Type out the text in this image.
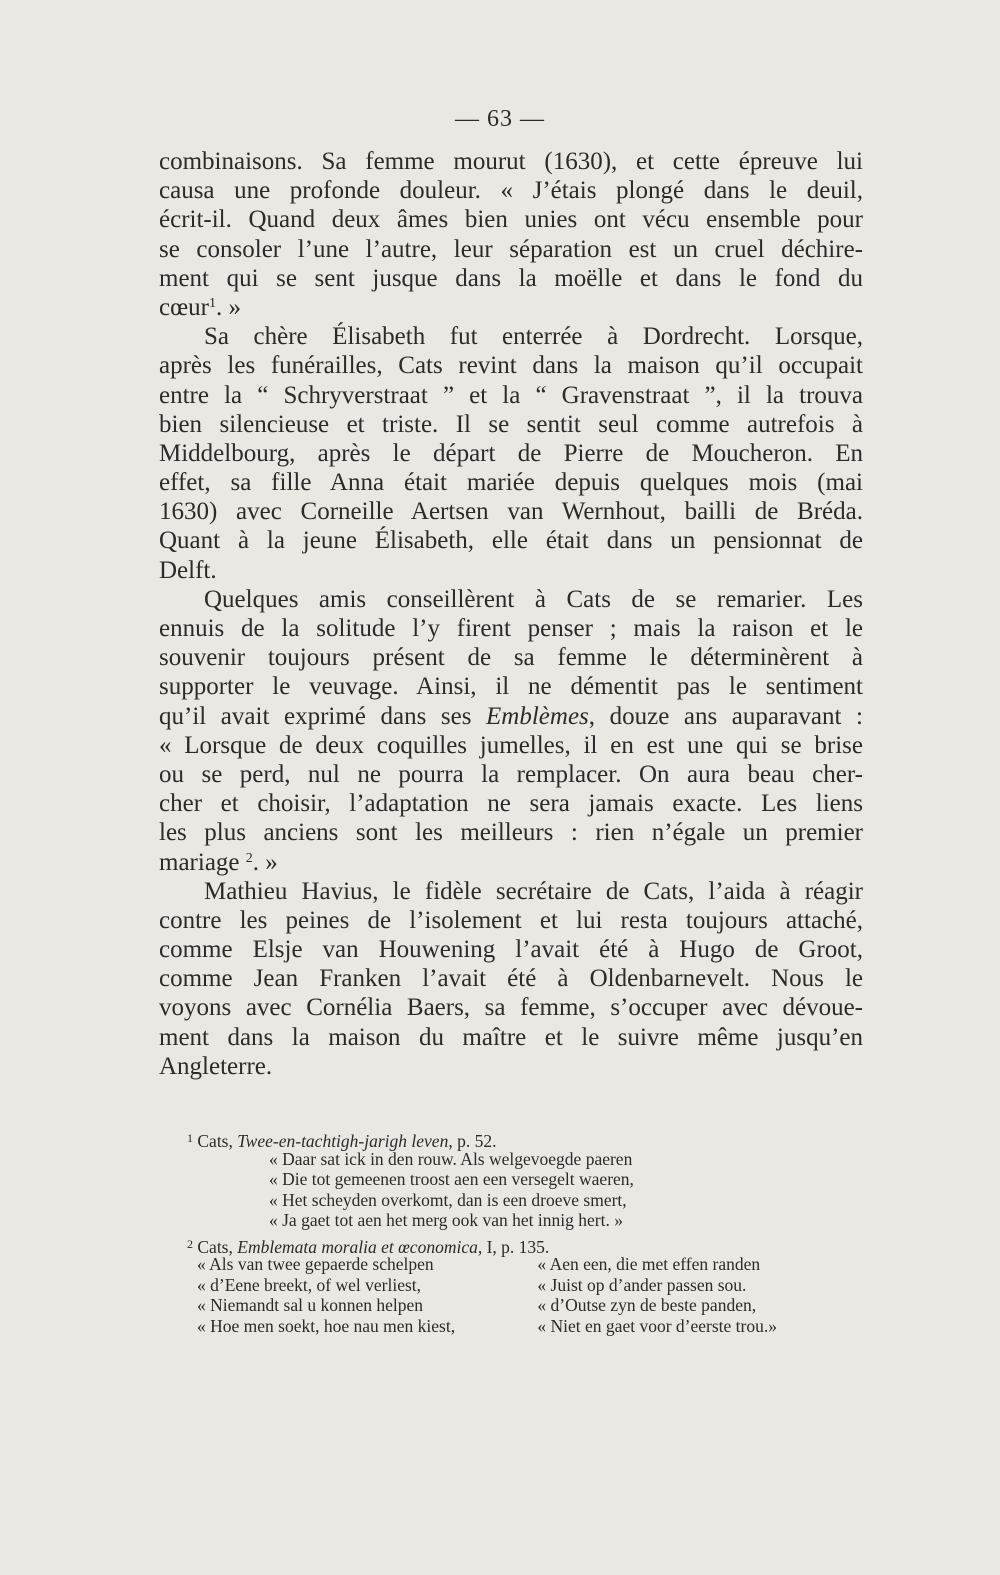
— 63 —
combinaisons. Sa femme mourut (1630), et cette épreuve lui
causa une profonde douleur. « J’étais plongé dans le deuil,
écrit-il. Quand deux âmes bien unies ont vécu ensemble pour
se consoler l’une l’autre, leur séparation est un cruel déchire-
ment qui se sent jusque dans la moëlle et dans le fond du
cœur$^1$. »
Sa chère Élisabeth fut enterrée à Dordrecht. Lorsque,
après les funérailles, Cats revint dans la maison qu’il occupait
entre la “ Schryverstraat ” et la “ Gravenstraat ”, il la trouva
bien silencieuse et triste. Il se sentit seul comme autrefois à
Middelbourg, après le départ de Pierre de Moucheron. En
effet, sa fille Anna était mariée depuis quelques mois (mai
1630) avec Corneille Aertsen van Wernhout, bailli de Bréda.
Quant à la jeune Élisabeth, elle était dans un pensionnat de
Delft.
Quelques amis conseillèrent à Cats de se remarier. Les
ennuis de la solitude l’y firent penser ; mais la raison et le
souvenir toujours présent de sa femme le déterminèrent à
supporter le veuvage. Ainsi, il ne démentit pas le sentiment
qu’il avait exprimé dans ses Emblèmes, douze ans auparavant :
« Lorsque de deux coquilles jumelles, il en est une qui se brise
ou se perd, nul ne pourra la remplacer. On aura beau cher-
cher et choisir, l’adaptation ne sera jamais exacte. Les liens
les plus anciens sont les meilleurs : rien n’égale un premier
mariage $^2$. »
Mathieu Havius, le fidèle secrétaire de Cats, l’aida à réagir
contre les peines de l’isolement et lui resta toujours attaché,
comme Elsje van Houwening l’avait été à Hugo de Groot,
comme Jean Franken l’avait été à Oldenbarnevelt. Nous le
voyons avec Cornélia Baers, sa femme, s’occuper avec dévoue-
ment dans la maison du maître et le suivre même jusqu’en
Angleterre.
$^1$ Cats, Twee-en-tachtigh-jarigh leven, p. 52.
« Daar sat ick in den rouw. Als welgevoegde paeren
« Die tot gemeenen troost aen een versegelt waeren,
« Het scheyden overkomt, dan is een droeve smert,
« Ja gaet tot aen het merg ook van het innig hert. »
$^2$ Cats, Emblemata moralia et œconomica, I, p. 135.
« Als van twee gepaerde schelpen
« d’Eene breekt, of wel verliest,
« Niemandt sal u konnen helpen
« Hoe men soekt, hoe nau men kiest,
« Aen een, die met effen randen
« Juist op d’ander passen sou.
« d’Outse zyn de beste panden,
« Niet en gaet voor d’eerste trou.»
